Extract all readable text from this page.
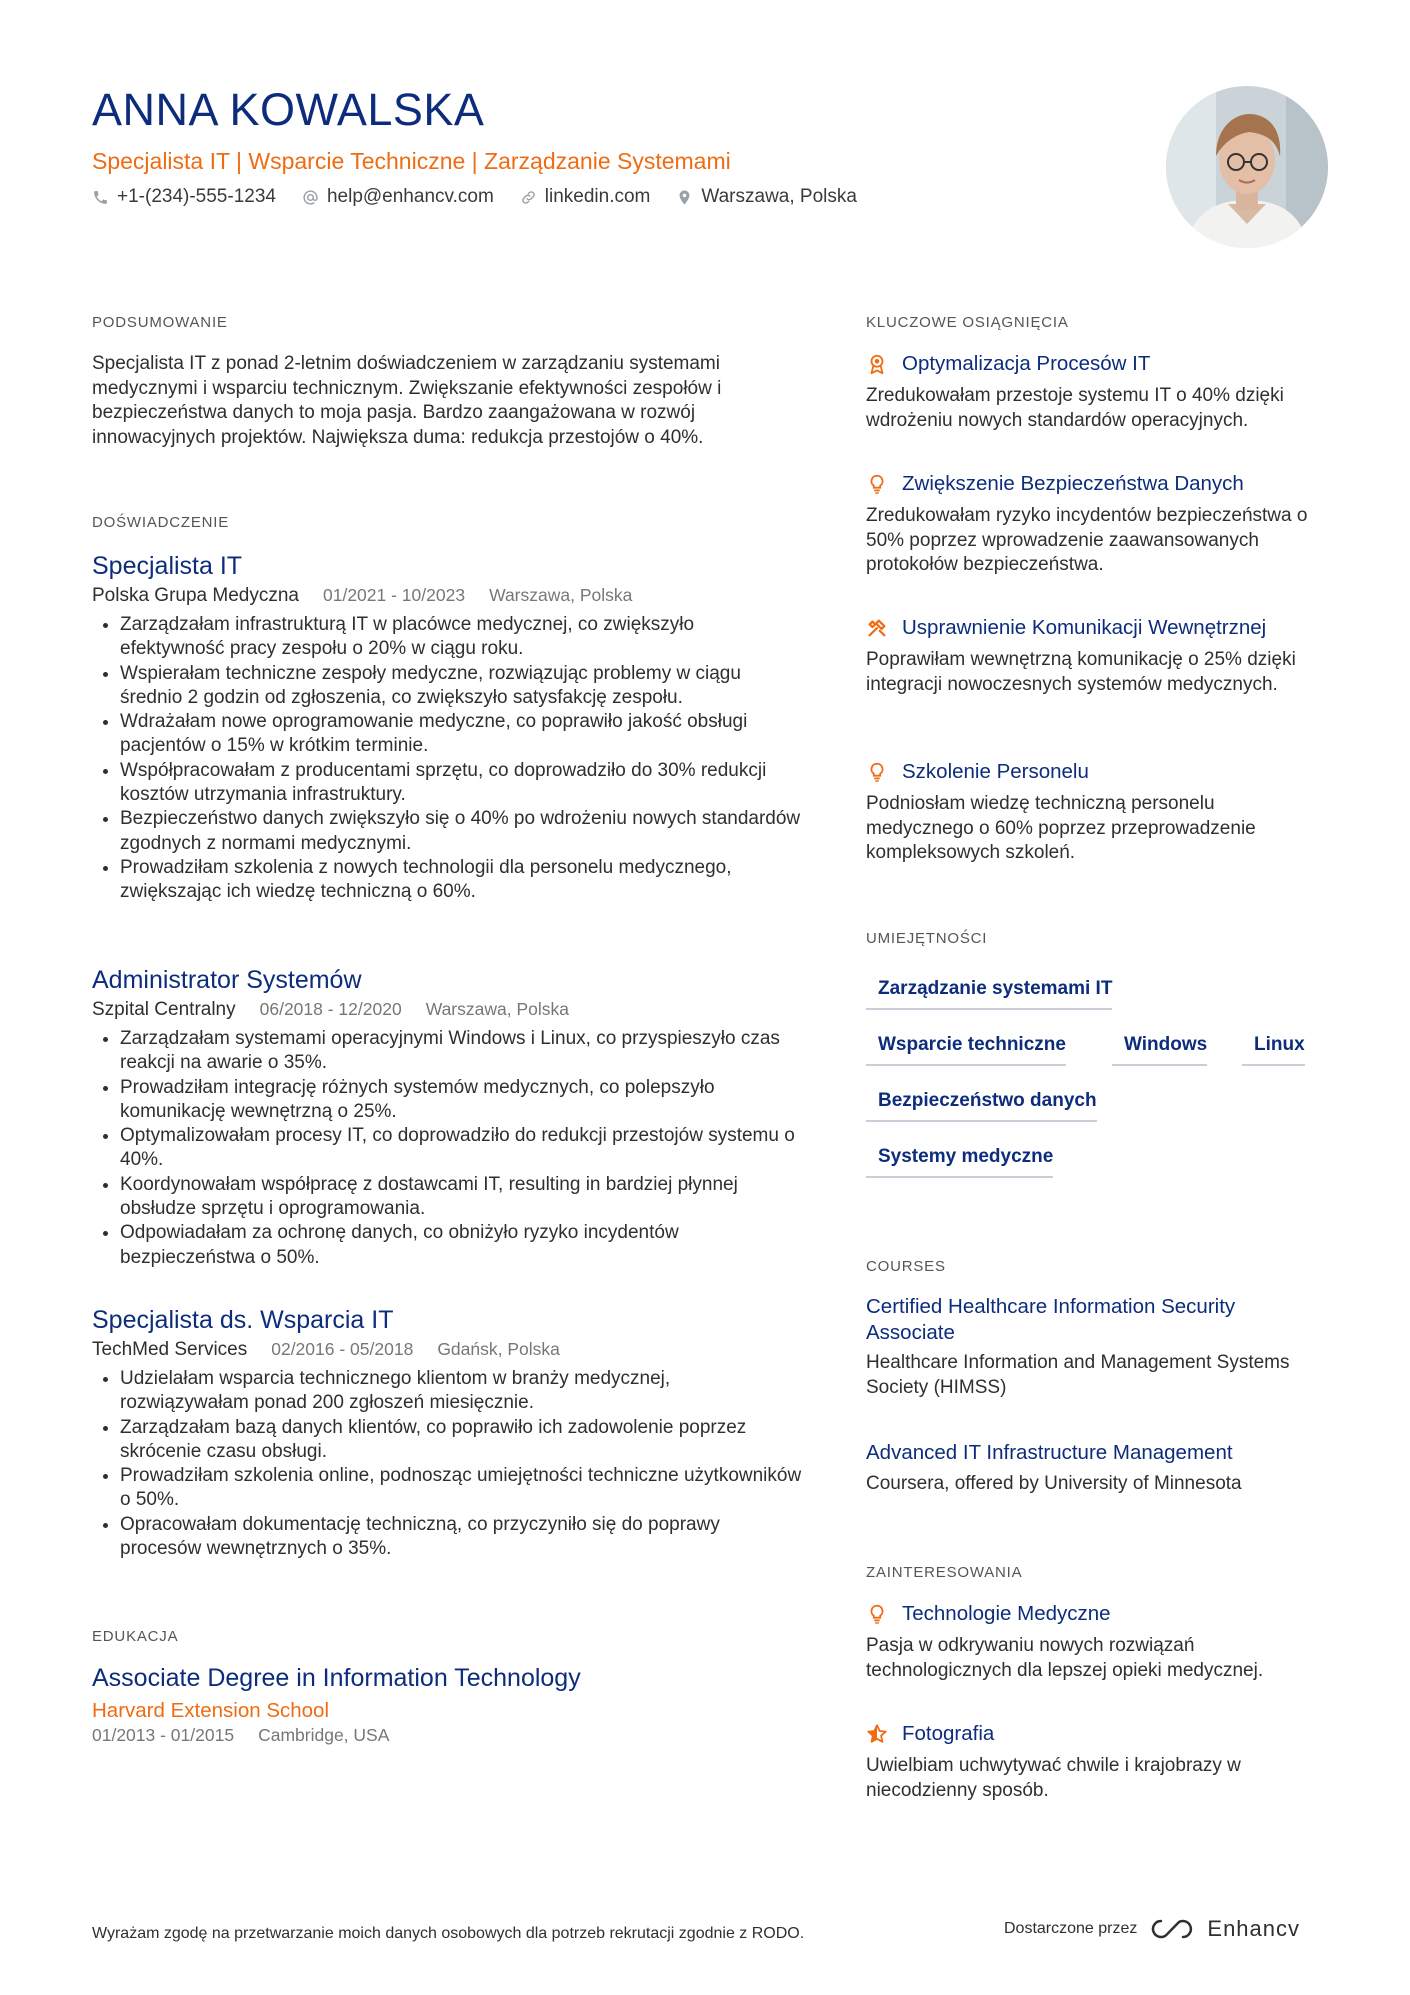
ANNA KOWALSKA
Specjalista IT | Wsparcie Techniczne | Zarządzanie Systemami
+1-(234)-555-1234	help@enhancv.com	linkedin.com	Warszawa, Polska
PODSUMOWANIE
Specjalista IT z ponad 2-letnim doświadczeniem w zarządzaniu systemami medycznymi i wsparciu technicznym. Zwiększanie efektywności zespołów i bezpieczeństwa danych to moja pasja. Bardzo zaangażowana w rozwój innowacyjnych projektów. Największa duma: redukcja przestojów o 40%.
DOŚWIADCZENIE
Specjalista IT
Polska Grupa Medyczna 01/2021 - 10/2023 Warszawa, Polska
• Zarządzałam infrastrukturą IT w placówce medycznej, co zwiększyło efektywność pracy zespołu o 20% w ciągu roku.
• Wspierałam techniczne zespoły medyczne, rozwiązując problemy w ciągu średnio 2 godzin od zgłoszenia, co zwiększyło satysfakcję zespołu.
• Wdrażałam nowe oprogramowanie medyczne, co poprawiło jakość obsługi pacjentów o 15% w krótkim terminie.
• Współpracowałam z producentami sprzętu, co doprowadziło do 30% redukcji kosztów utrzymania infrastruktury.
• Bezpieczeństwo danych zwiększyło się o 40% po wdrożeniu nowych standardów zgodnych z normami medycznymi.
• Prowadziłam szkolenia z nowych technologii dla personelu medycznego, zwiększając ich wiedzę techniczną o 60%.
Administrator Systemów
Szpital Centralny 06/2018 - 12/2020 Warszawa, Polska
• Zarządzałam systemami operacyjnymi Windows i Linux, co przyspieszyło czas reakcji na awarie o 35%.
• Prowadziłam integrację różnych systemów medycznych, co polepszyło komunikację wewnętrzną o 25%.
• Optymalizowałam procesy IT, co doprowadziło do redukcji przestojów systemu o 40%.
• Koordynowałam współpracę z dostawcami IT, resulting in bardziej płynnej obsłudze sprzętu i oprogramowania.
• Odpowiadałam za ochronę danych, co obniżyło ryzyko incydentów bezpieczeństwa o 50%.
Specjalista ds. Wsparcia IT
TechMed Services 02/2016 - 05/2018 Gdańsk, Polska
• Udzielałam wsparcia technicznego klientom w branży medycznej, rozwiązywałam ponad 200 zgłoszeń miesięcznie.
• Zarządzałam bazą danych klientów, co poprawiło ich zadowolenie poprzez skrócenie czasu obsługi.
• Prowadziłam szkolenia online, podnosząc umiejętności techniczne użytkowników o 50%.
• Opracowałam dokumentację techniczną, co przyczyniło się do poprawy procesów wewnętrznych o 35%.
EDUKACJA
Associate Degree in Information Technology
Harvard Extension School
01/2013 - 01/2015 Cambridge, USA
KLUCZOWE OSIĄGNIĘCIA
Optymalizacja Procesów IT
Zredukowałam przestoje systemu IT o 40% dzięki wdrożeniu nowych standardów operacyjnych.
Zwiększenie Bezpieczeństwa Danych
Zredukowałam ryzyko incydentów bezpieczeństwa o 50% poprzez wprowadzenie zaawansowanych protokołów bezpieczeństwa.
Usprawnienie Komunikacji Wewnętrznej
Poprawiłam wewnętrzną komunikację o 25% dzięki integracji nowoczesnych systemów medycznych.
Szkolenie Personelu
Podniosłam wiedzę techniczną personelu medycznego o 60% poprzez przeprowadzenie kompleksowych szkoleń.
UMIEJĘTNOŚCI
Zarządzanie systemami IT
Wsparcie techniczne	Windows	Linux
Bezpieczeństwo danych
Systemy medyczne
COURSES
Certified Healthcare Information Security Associate
Healthcare Information and Management Systems Society (HIMSS)
Advanced IT Infrastructure Management
Coursera, offered by University of Minnesota
ZAINTERESOWANIA
Technologie Medyczne
Pasja w odkrywaniu nowych rozwiązań technologicznych dla lepszej opieki medycznej.
Fotografia
Uwielbiam uchwytywać chwile i krajobrazy w niecodzienny sposób.
Wyrażam zgodę na przetwarzanie moich danych osobowych dla potrzeb rekrutacji zgodnie z RODO.	Dostarczone przez	Enhancv
